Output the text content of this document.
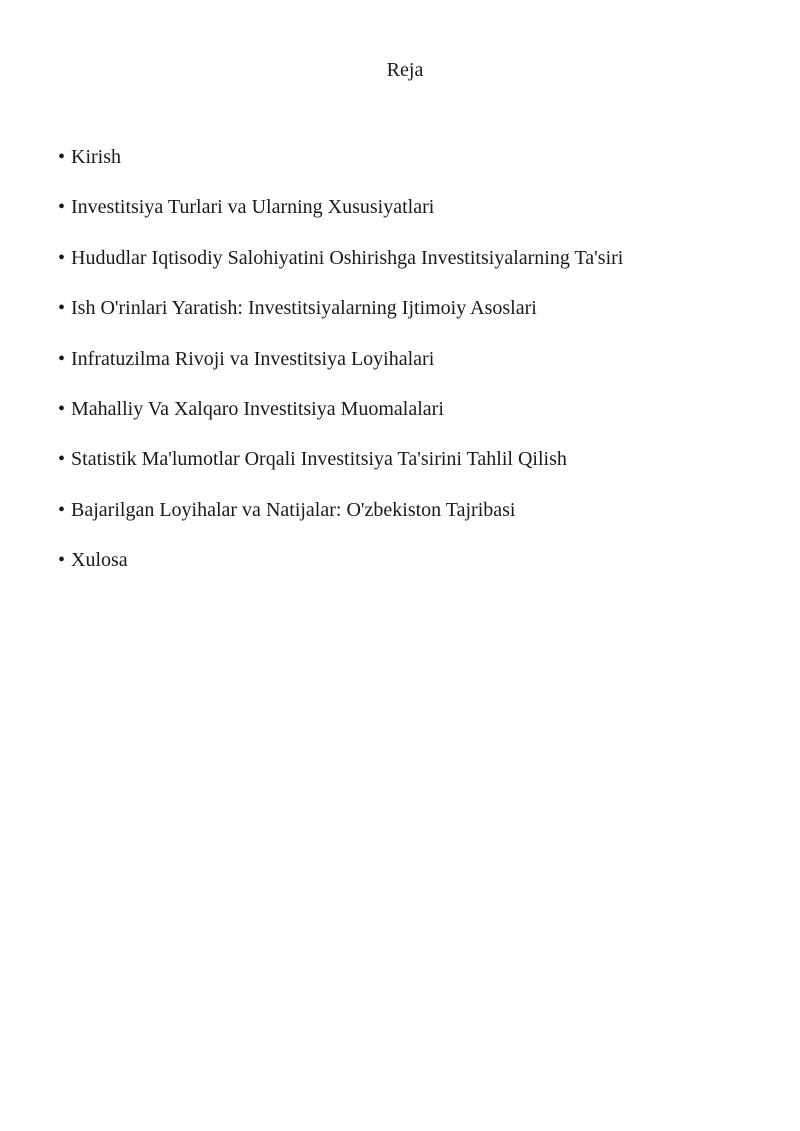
Reja
• Kirish
• Investitsiya Turlari va Ularning Xususiyatlari
• Hududlar Iqtisodiy Salohiyatini Oshirishga Investitsiyalarning Ta'siri
• Ish O'rinlari Yaratish: Investitsiyalarning Ijtimoiy Asoslari
• Infratuzilma Rivoji va Investitsiya Loyihalari
• Mahalliy Va Xalqaro Investitsiya Muomalalari
• Statistik Ma'lumotlar Orqali Investitsiya Ta'sirini Tahlil Qilish
• Bajarilgan Loyihalar va Natijalar: O'zbekiston Tajribasi
• Xulosa
